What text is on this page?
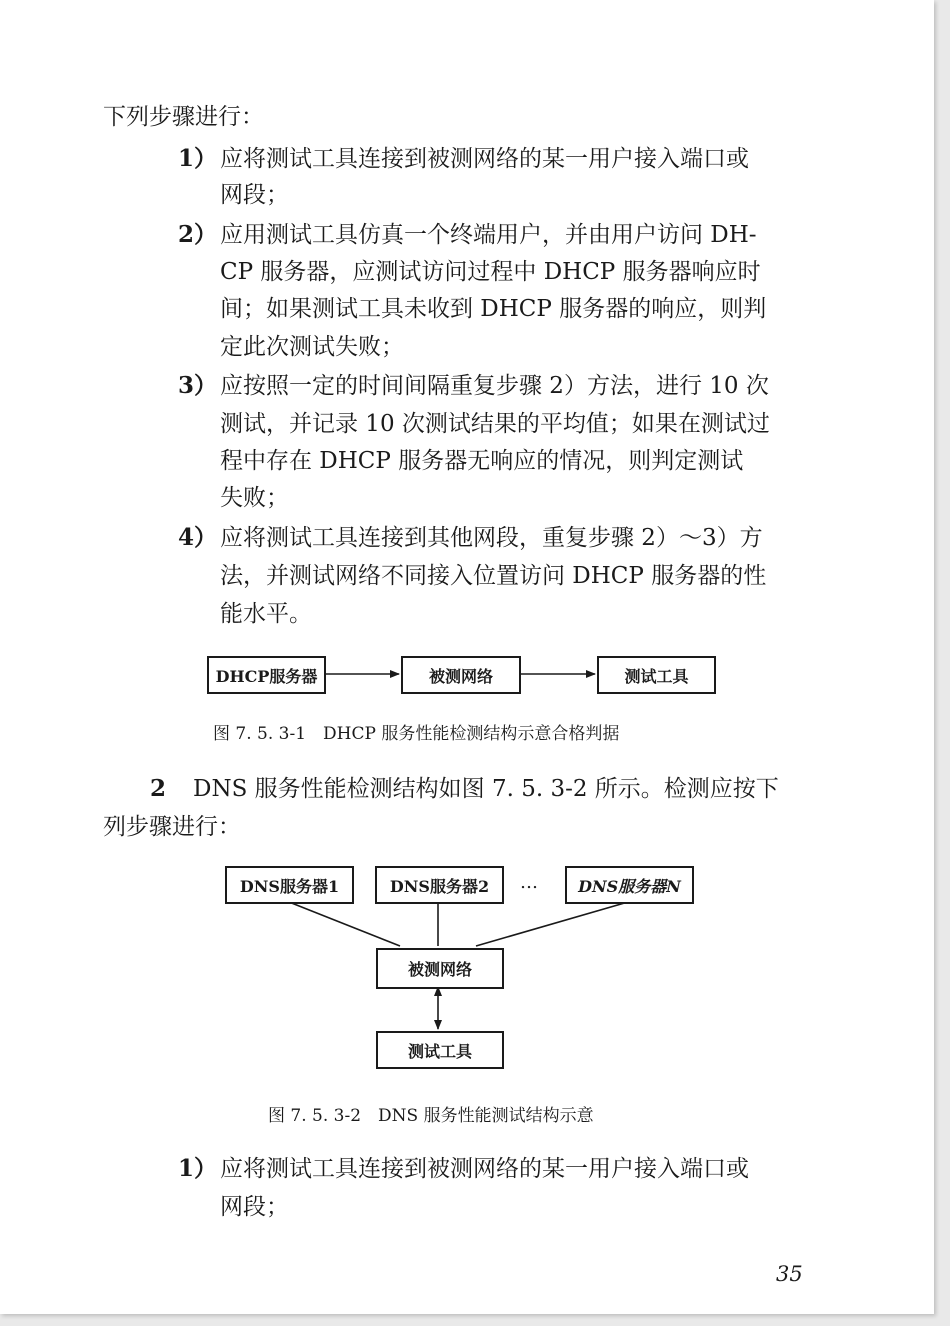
下列步骤进行：
1） 应将测试工具连接到被测网络的某一用户接入端口或
网段；
2） 应用测试工具仿真一个终端用户，并由用户访问 DH-
CP 服务器，应测试访问过程中 DHCP 服务器响应时
间；如果测试工具未收到 DHCP 服务器的响应，则判
定此次测试失败；
3） 应按照一定的时间间隔重复步骤 2）方法，进行 10 次
测试，并记录 10 次测试结果的平均值；如果在测试过
程中存在 DHCP 服务器无响应的情况，则判定测试
失败；
4） 应将测试工具连接到其他网段，重复步骤 2）～3）方
法，并测试网络不同接入位置访问 DHCP 服务器的性
能水平。
DHCP服务器	被测网络	测试工具
图 7. 5. 3-1　DHCP 服务性能检测结构示意合格判据
2 DNS 服务性能检测结构如图 7. 5. 3-2 所示。检测应按下
列步骤进行：
DNS服务器1	DNS服务器2	…	DNS服务器N
被测网络
测试工具
图 7. 5. 3-2　DNS 服务性能测试结构示意
1） 应将测试工具连接到被测网络的某一用户接入端口或
网段；
35
